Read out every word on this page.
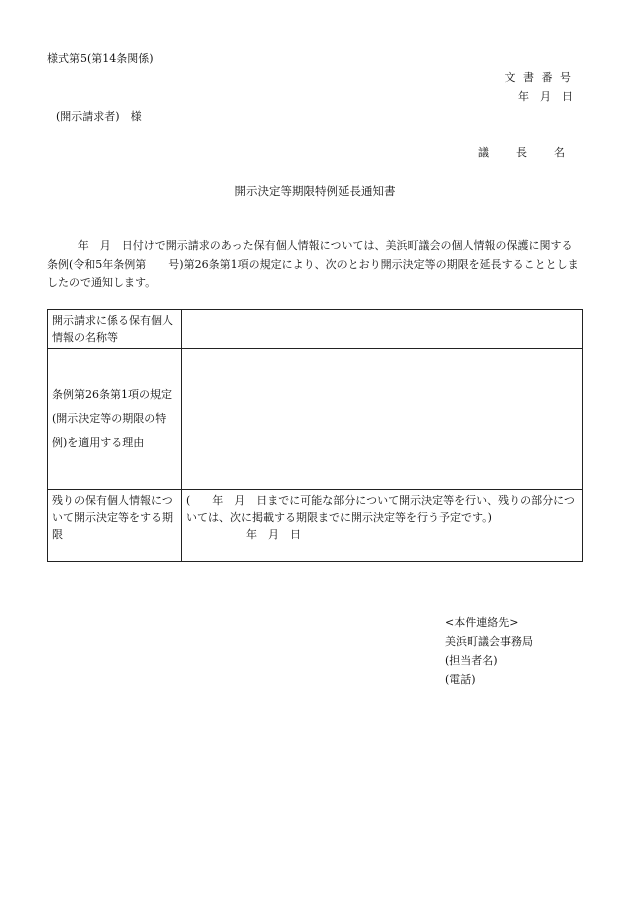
様式第5(第14条関係)
文 書 番 号
年　月　日
(開示請求者)　様
議　長　名
開示決定等期限特例延長通知書
年　月　日付けで開示請求のあった保有個人情報については、美浜町議会の個人情報の保護に関する条例(令和5年条例第　　号)第26条第1項の規定により、次のとおり開示決定等の期限を延長することとしましたので通知します。
開示請求に係る保有個人情報の名称等	
条例第26条第1項の規定(開示決定等の期限の特例)を適用する理由	
残りの保有個人情報について開示決定等をする期限	(　　年　月　日までに可能な部分について開示決定等を行い、残りの部分については、次に掲載する期限までに開示決定等を行う予定です。)
年　月　日
<本件連絡先>
美浜町議会事務局
(担当者名)
(電話)
